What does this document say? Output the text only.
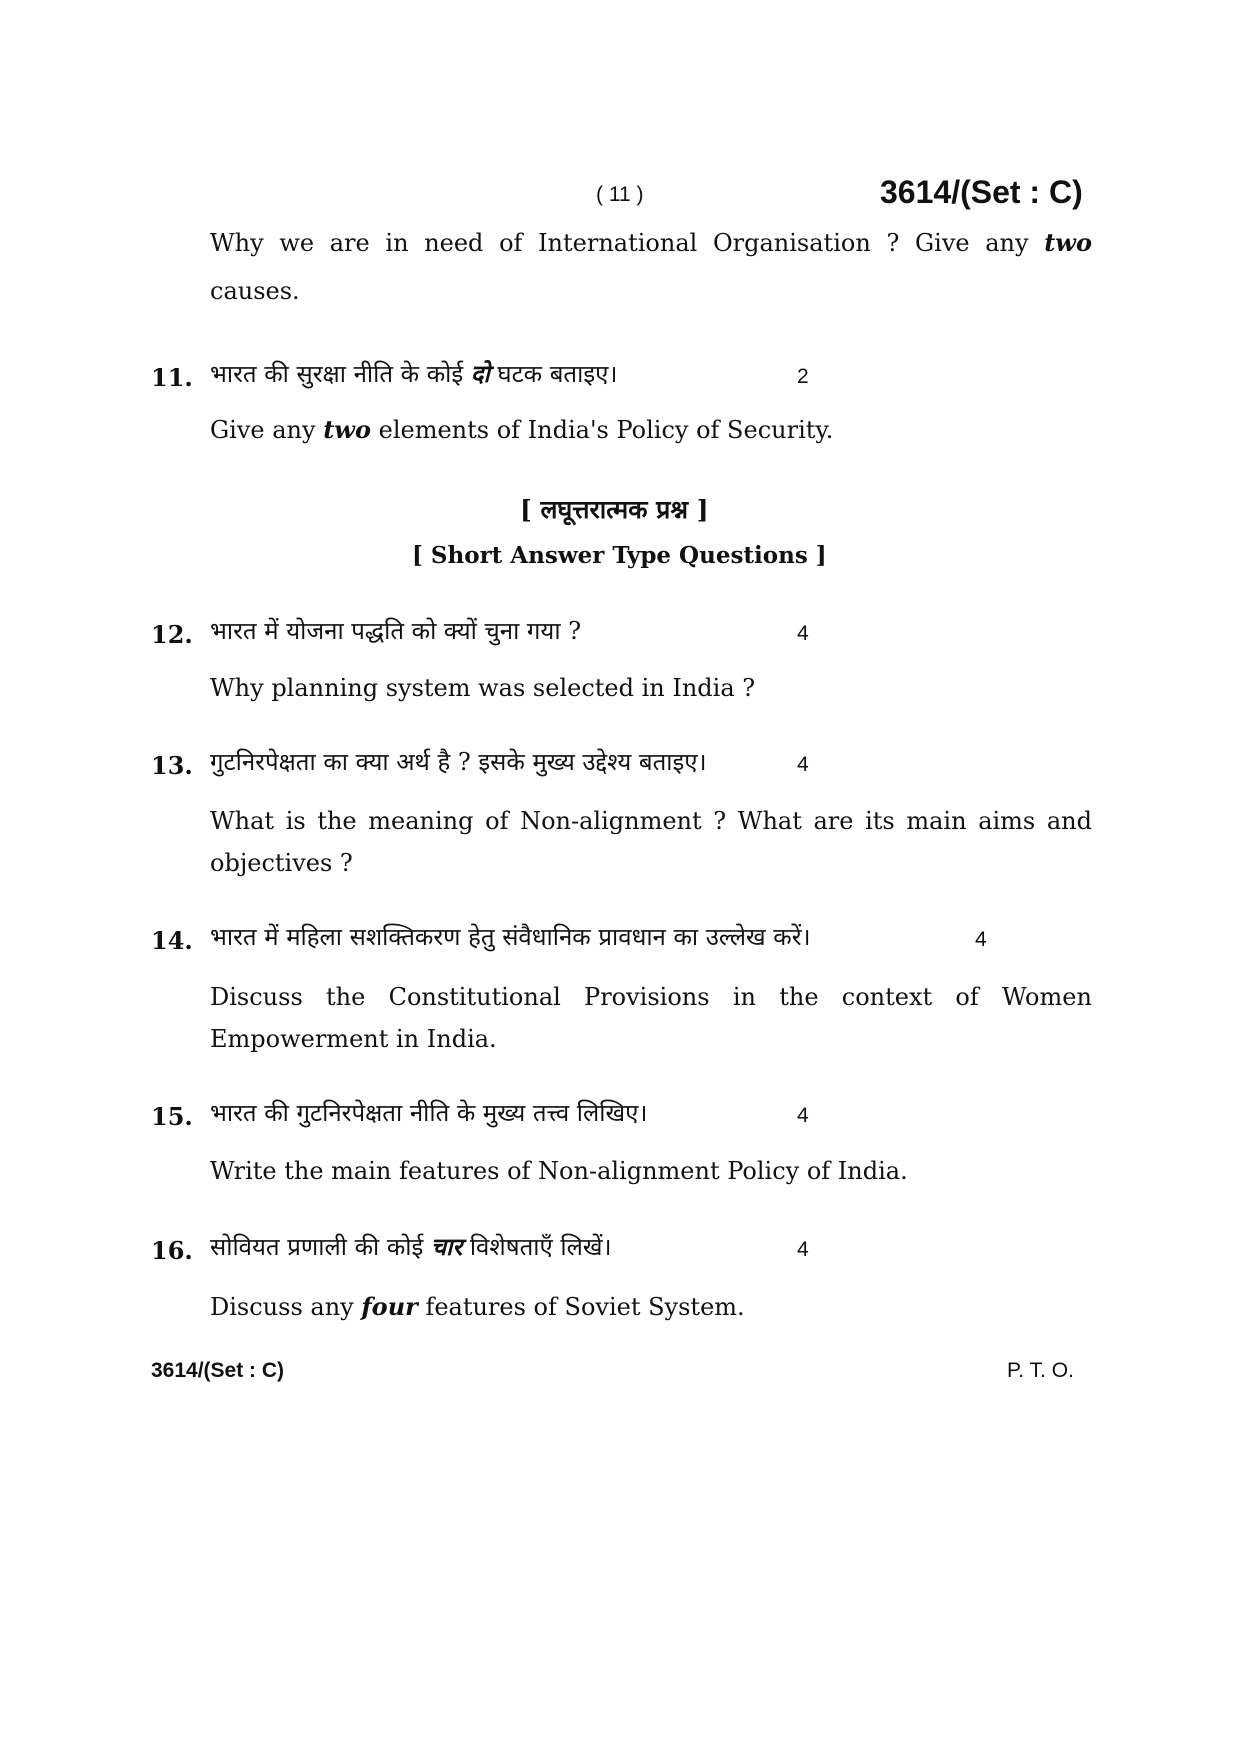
( 11 )	3614/(Set : C)
Why we are in need of International Organisation ? Give any two
causes.
11. भारत की सुरक्षा नीति के कोई दो घटक बताइए।	2
Give any two elements of India's Policy of Security.
[ लघूत्तरात्मक प्रश्न ]
[ Short Answer Type Questions ]
12. भारत में योजना पद्धति को क्यों चुना गया ?	4
Why planning system was selected in India ?
13. गुटनिरपेक्षता का क्या अर्थ है ? इसके मुख्य उद्देश्य बताइए।	4
What is the meaning of Non-alignment ? What are its main aims and
objectives ?
14. भारत में महिला सशक्तिकरण हेतु संवैधानिक प्रावधान का उल्लेख करें।	4
Discuss the Constitutional Provisions in the context of Women
Empowerment in India.
15. भारत की गुटनिरपेक्षता नीति के मुख्य तत्त्व लिखिए।	4
Write the main features of Non-alignment Policy of India.
16. सोवियत प्रणाली की कोई चार विशेषताएँ लिखें।	4
Discuss any four features of Soviet System.
3614/(Set : C)	P. T. O.
